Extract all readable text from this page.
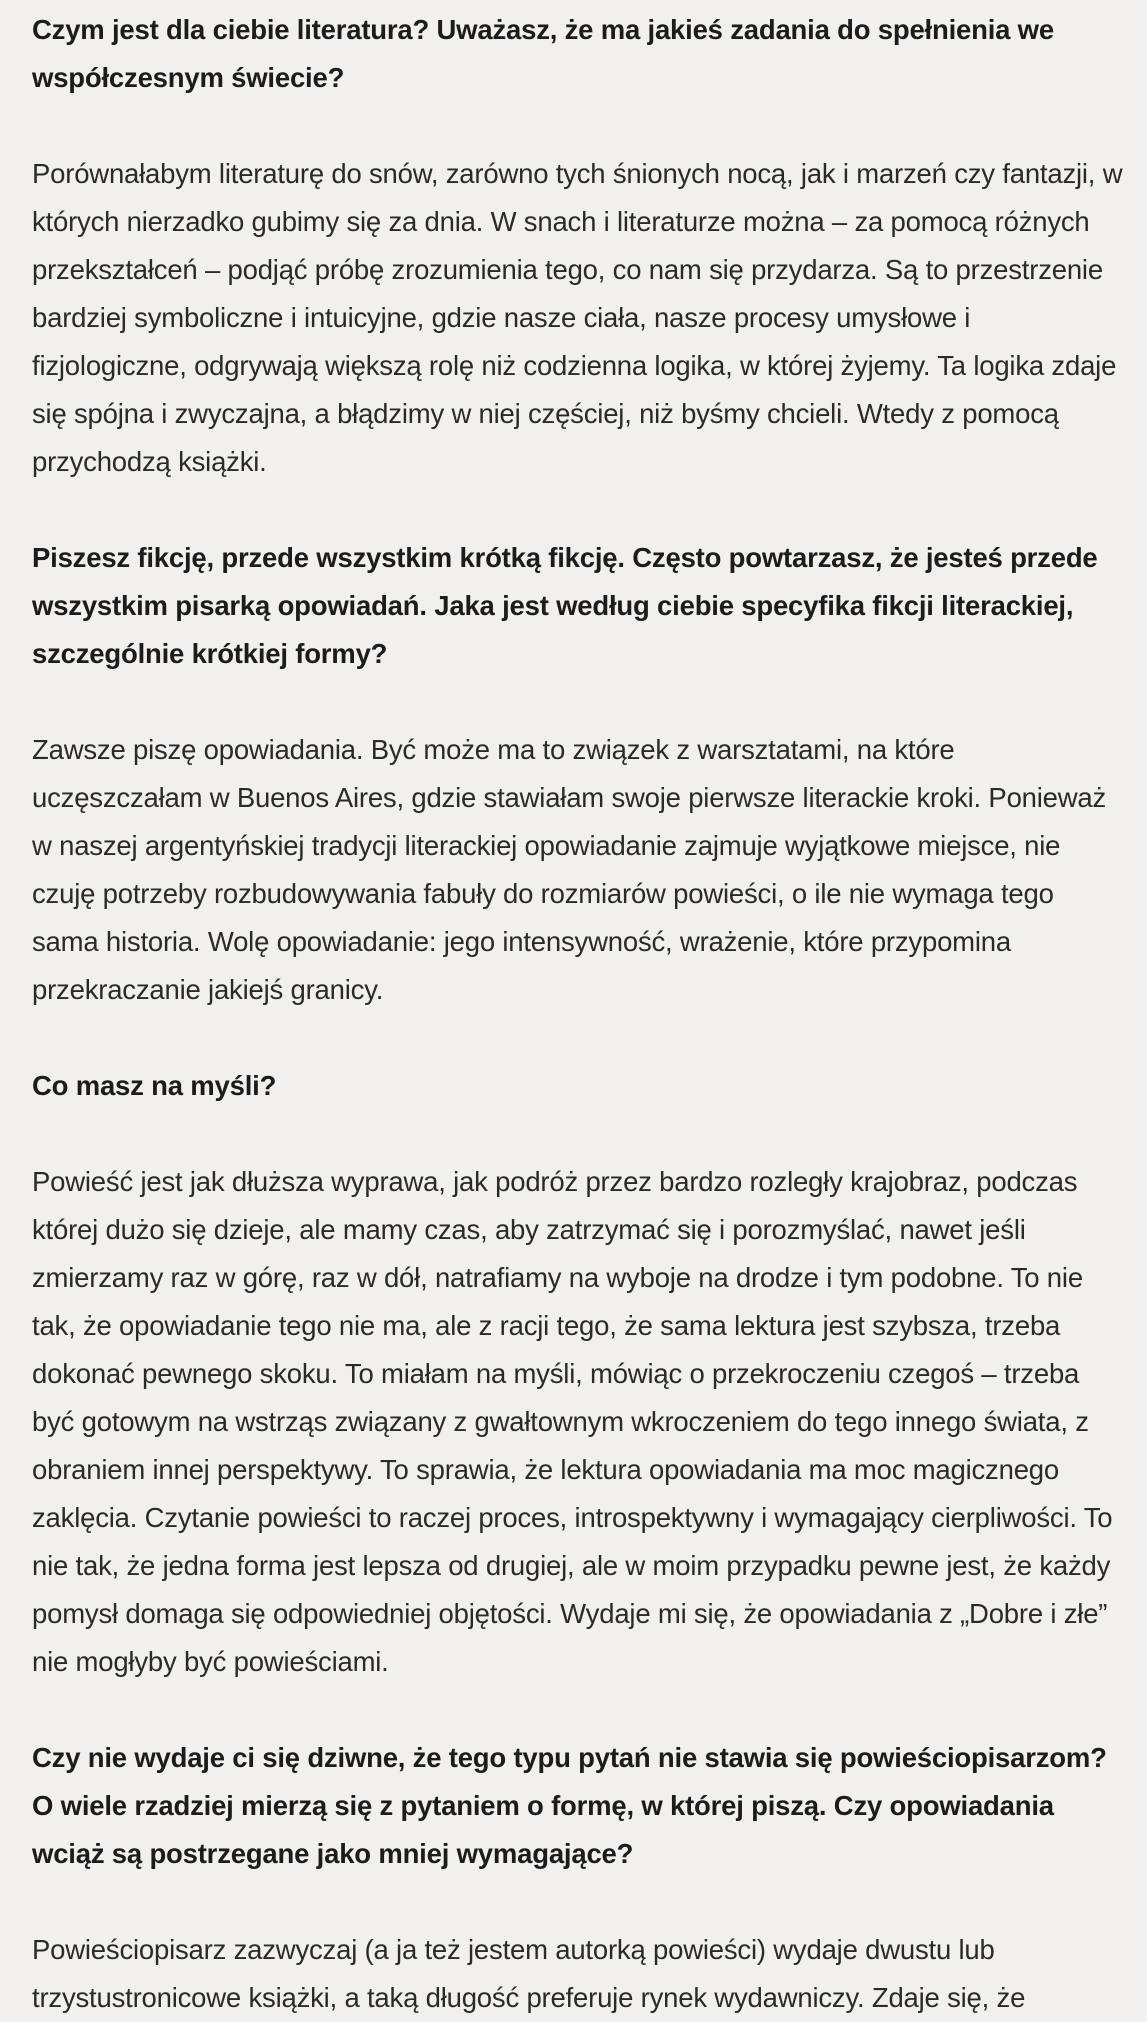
Czym jest dla ciebie literatura? Uważasz, że ma jakieś zadania do spełnienia we współczesnym świecie?

Porównałabym literaturę do snów, zarówno tych śnionych nocą, jak i marzeń czy fantazji, w których nierzadko gubimy się za dnia. W snach i literaturze można – za pomocą różnych przekształceń – podjąć próbę zrozumienia tego, co nam się przydarza. Są to przestrzenie bardziej symboliczne i intuicyjne, gdzie nasze ciała, nasze procesy umysłowe i fizjologiczne, odgrywają większą rolę niż codzienna logika, w której żyjemy. Ta logika zdaje się spójna i zwyczajna, a błądzimy w niej częściej, niż byśmy chcieli. Wtedy z pomocą przychodzą książki.

Piszesz fikcję, przede wszystkim krótką fikcję. Często powtarzasz, że jesteś przede wszystkim pisarką opowiadań. Jaka jest według ciebie specyfika fikcji literackiej, szczególnie krótkiej formy?

Zawsze piszę opowiadania. Być może ma to związek z warsztatami, na które uczęszczałam w Buenos Aires, gdzie stawiałam swoje pierwsze literackie kroki. Ponieważ w naszej argentyńskiej tradycji literackiej opowiadanie zajmuje wyjątkowe miejsce, nie czuję potrzeby rozbudowywania fabuły do rozmiarów powieści, o ile nie wymaga tego sama historia. Wolę opowiadanie: jego intensywność, wrażenie, które przypomina przekraczanie jakiejś granicy.

Co masz na myśli?

Powieść jest jak dłuższa wyprawa, jak podróż przez bardzo rozległy krajobraz, podczas której dużo się dzieje, ale mamy czas, aby zatrzymać się i porozmyślać, nawet jeśli zmierzamy raz w górę, raz w dół, natrafiamy na wyboje na drodze i tym podobne. To nie tak, że opowiadanie tego nie ma, ale z racji tego, że sama lektura jest szybsza, trzeba dokonać pewnego skoku. To miałam na myśli, mówiąc o przekroczeniu czegoś – trzeba być gotowym na wstrząs związany z gwałtownym wkroczeniem do tego innego świata, z obraniem innej perspektywy. To sprawia, że lektura opowiadania ma moc magicznego zaklęcia. Czytanie powieści to raczej proces, introspektywny i wymagający cierpliwości. To nie tak, że jedna forma jest lepsza od drugiej, ale w moim przypadku pewne jest, że każdy pomysł domaga się odpowiedniej objętości. Wydaje mi się, że opowiadania z „Dobre i złe” nie mogłyby być powieściami.

Czy nie wydaje ci się dziwne, że tego typu pytań nie stawia się powieściopisarzom? O wiele rzadziej mierzą się z pytaniem o formę, w której piszą. Czy opowiadania wciąż są postrzegane jako mniej wymagające?

Powieściopisarz zazwyczaj (a ja też jestem autorką powieści) wydaje dwustu lub trzystustronicowe książki, a taką długość preferuje rynek wydawniczy. Zdaje się, że
